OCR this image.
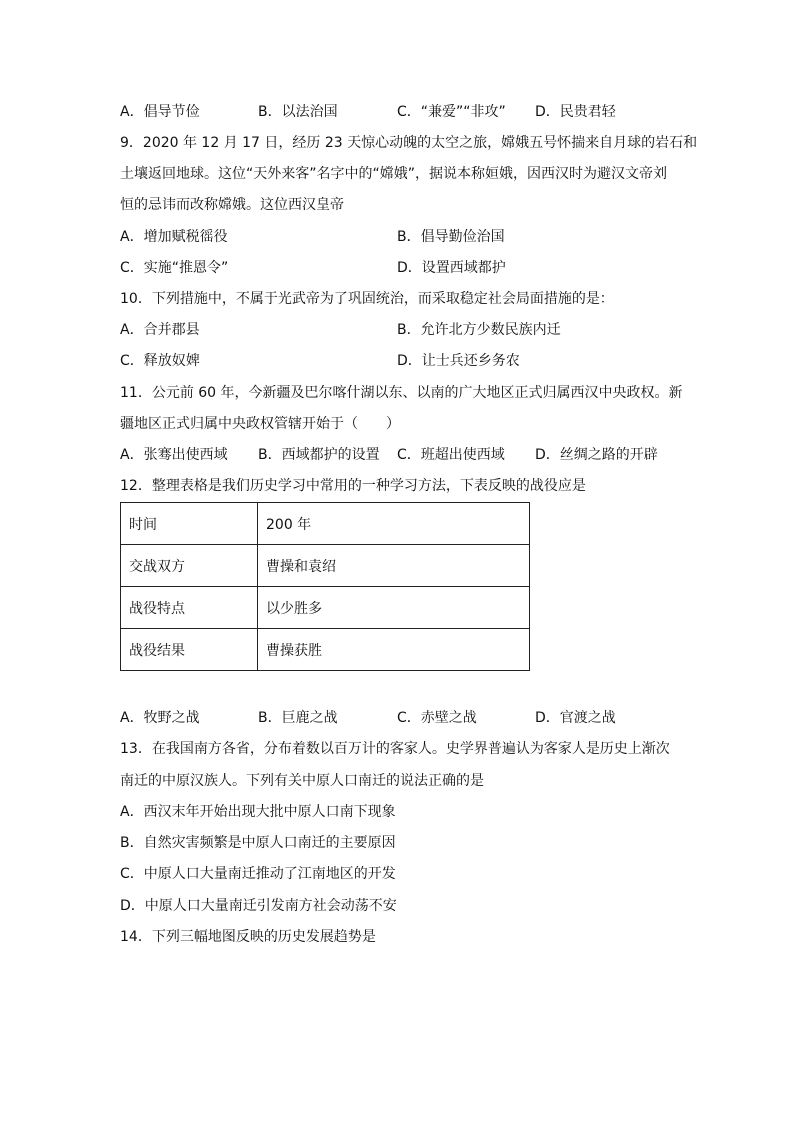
A．倡导节俭	B．以法治国	C．“兼爱”“非攻” D．民贵君轻
9．2020 年 12 月 17 日，经历 23 天惊心动魄的太空之旅，嫦娥五号怀揣来自月球的岩石和
土壤返回地球。这位“天外来客”名字中的“嫦娥”，据说本称姮娥，因西汉时为避汉文帝刘
恒的忌讳而改称嫦娥。这位西汉皇帝
A．增加赋税徭役	B．倡导勤俭治国
C．实施“推恩令”	D．设置西域都护
10．下列措施中，不属于光武帝为了巩固统治，而采取稳定社会局面措施的是：
A．合并郡县	B．允许北方少数民族内迁
C．释放奴婢	D．让士兵还乡务农
11．公元前 60 年，今新疆及巴尔喀什湖以东、以南的广大地区正式归属西汉中央政权。新
疆地区正式归属中央政权管辖开始于（　　）
A．张骞出使西域 B．西域都护的设置 C．班超出使西域 D．丝绸之路的开辟
12．整理表格是我们历史学习中常用的一种学习方法，下表反映的战役应是
时间	200 年
交战双方	曹操和袁绍
战役特点	以少胜多
战役结果	曹操获胜
A．牧野之战	B．巨鹿之战	C．赤壁之战	D．官渡之战
13．在我国南方各省，分布着数以百万计的客家人。史学界普遍认为客家人是历史上渐次
南迁的中原汉族人。下列有关中原人口南迁的说法正确的是
A．西汉末年开始出现大批中原人口南下现象
B．自然灾害频繁是中原人口南迁的主要原因
C．中原人口大量南迁推动了江南地区的开发
D．中原人口大量南迁引发南方社会动荡不安
14．下列三幅地图反映的历史发展趋势是
